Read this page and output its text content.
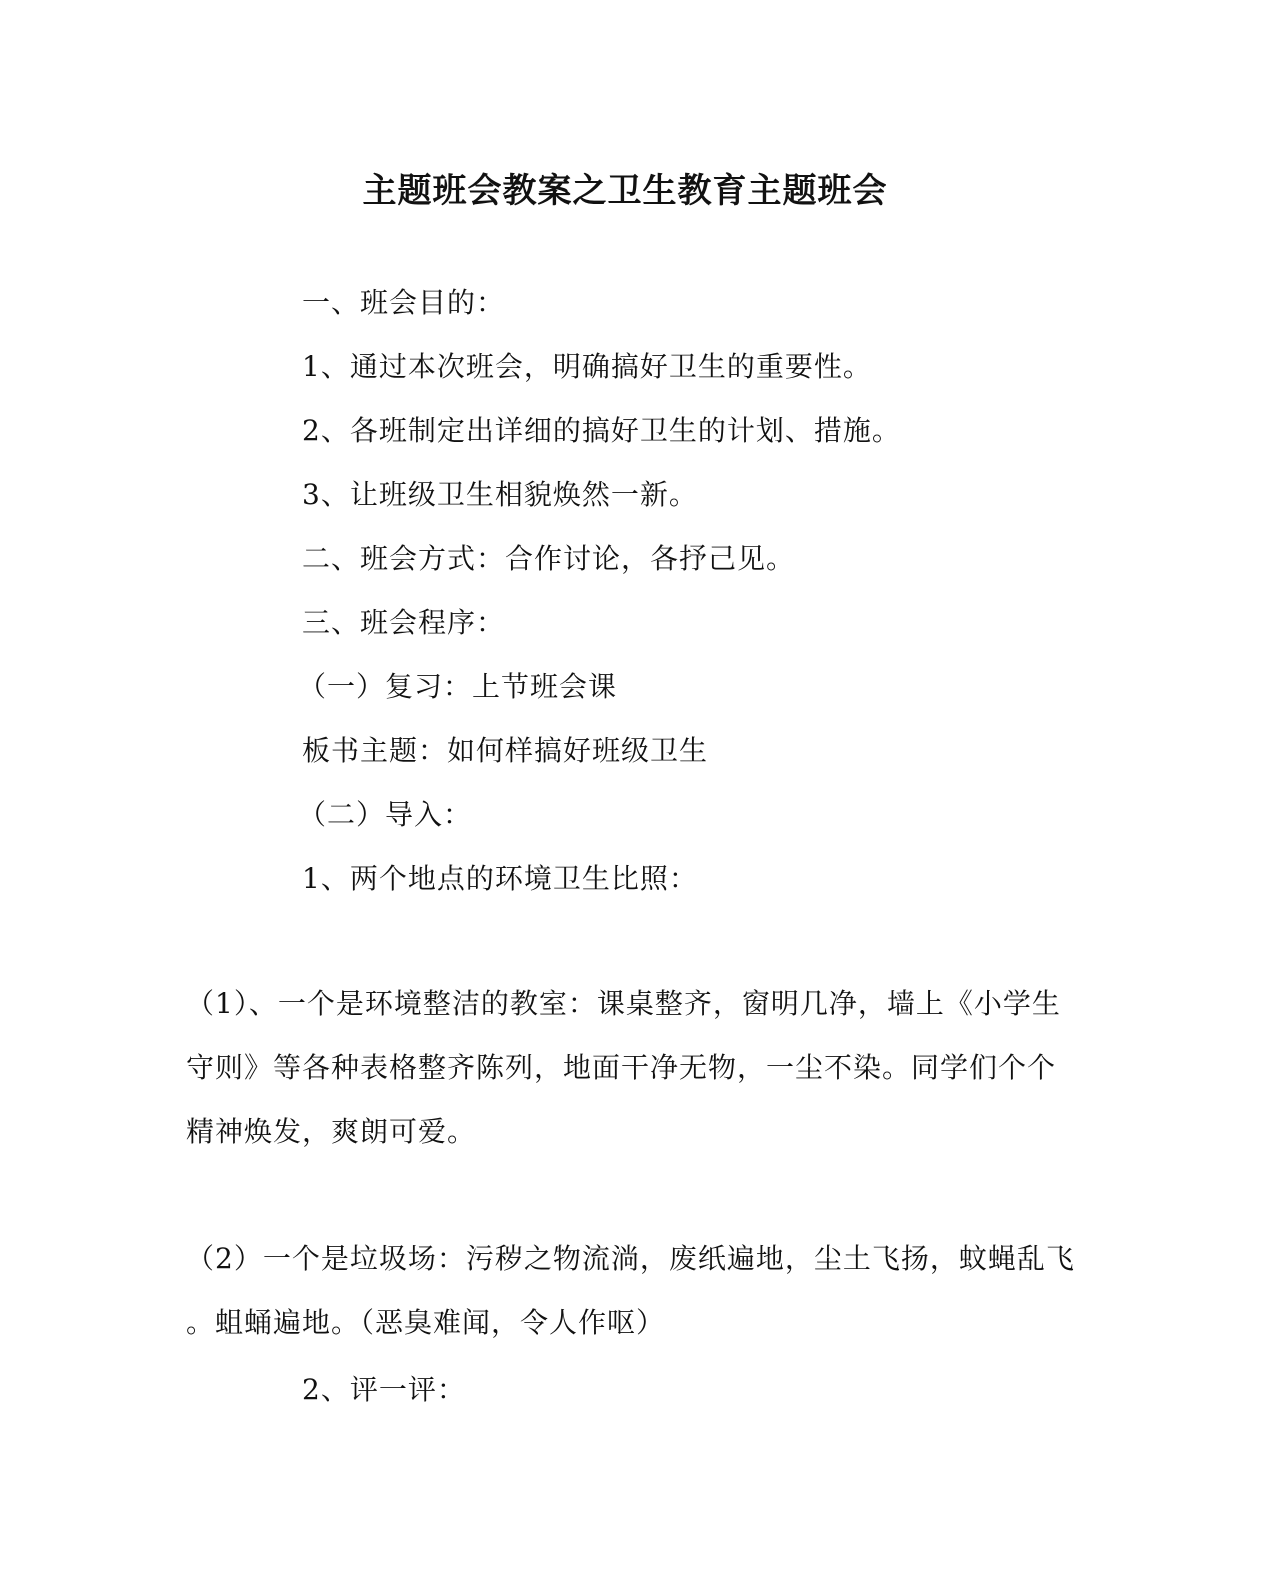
主题班会教案之卫生教育主题班会
一、班会目的：
1、通过本次班会，明确搞好卫生的重要性。
2、各班制定出详细的搞好卫生的计划、措施。
3、让班级卫生相貌焕然一新。
二、班会方式：合作讨论，各抒己见。
三、班会程序：
（一）复习：上节班会课
板书主题：如何样搞好班级卫生
（二）导入：
1、两个地点的环境卫生比照：
（1）、一个是环境整洁的教室：课桌整齐，窗明几净，墙上《小学生
守则》等各种表格整齐陈列，地面干净无物，一尘不染。同学们个个
精神焕发，爽朗可爱。
（2）一个是垃圾场：污秽之物流淌，废纸遍地，尘土飞扬，蚊蝇乱飞
。蛆蛹遍地。（恶臭难闻，令人作呕）
2、评一评：
